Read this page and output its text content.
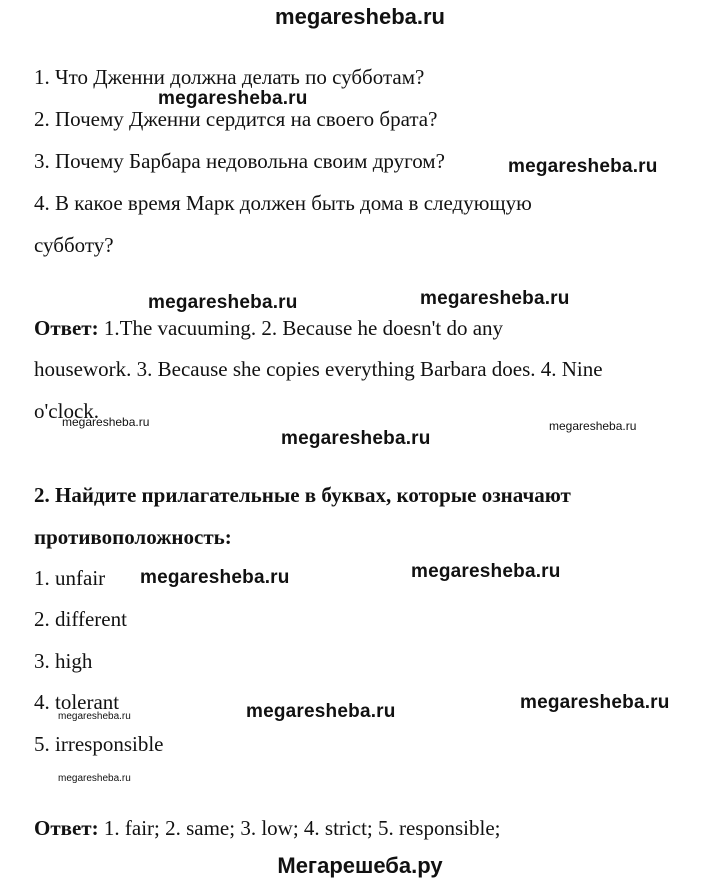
megaresheba.ru
1. Что Дженни должна делать по субботам?
2. Почему Дженни сердится на своего брата?
3. Почему Барбара недовольна своим другом?
4. В какое время Марк должен быть дома в следующую
субботу?
Ответ: 1.The vacuuming. 2. Because he doesn't do any
housework. 3. Because she copies everything Barbara does. 4. Nine
o'clock.
2. Найдите прилагательные в буквах, которые означают
противоположность:
1. unfair
2. different
3. high
4. tolerant
5. irresponsible
Ответ: 1. fair; 2. same; 3. low; 4. strict; 5. responsible;
megaresheba.ru
megaresheba.ru
megaresheba.ru	megaresheba.ru
megaresheba.ru
megaresheba.ru
megaresheba.ru
megaresheba.ru	megaresheba.ru
megaresheba.ru	megaresheba.ru
megaresheba.ru
megaresheba.ru
Мегарешеба.ру
